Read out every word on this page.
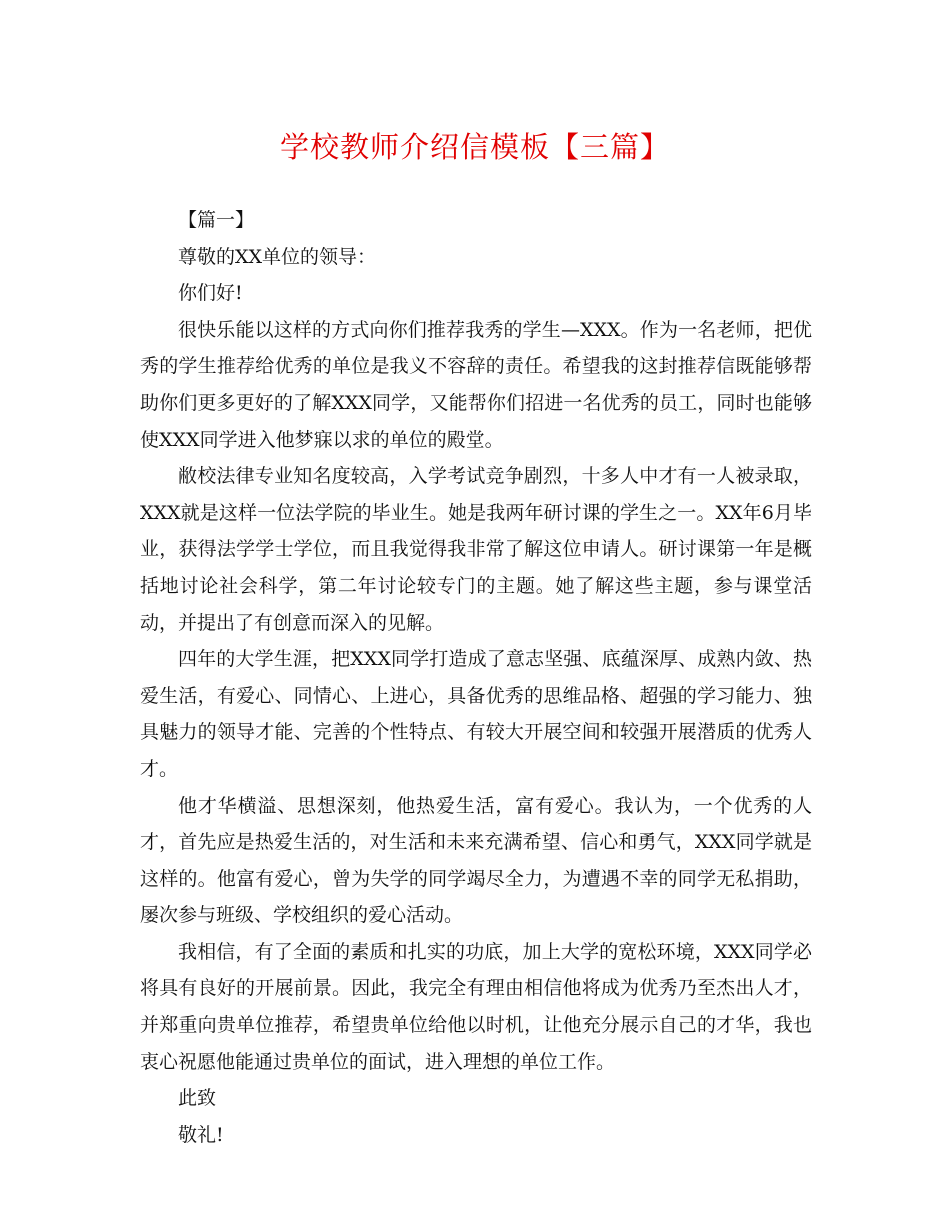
学校教师介绍信模板【三篇】

【篇一】

尊敬的XX单位的领导：

你们好!

很快乐能以这样的方式向你们推荐我秀的学生—XXX。作为一名老师，把优秀的学生推荐给优秀的单位是我义不容辞的责任。希望我的这封推荐信既能够帮助你们更多更好的了解XXX同学，又能帮你们招进一名优秀的员工，同时也能够使XXX同学进入他梦寐以求的单位的殿堂。

敝校法律专业知名度较高，入学考试竞争剧烈，十多人中才有一人被录取，XXX就是这样一位法学院的毕业生。她是我两年研讨课的学生之一。XX年6月毕业，获得法学学士学位，而且我觉得我非常了解这位申请人。研讨课第一年是概括地讨论社会科学，第二年讨论较专门的主题。她了解这些主题，参与课堂活动，并提出了有创意而深入的见解。

四年的大学生涯，把XXX同学打造成了意志坚强、底蕴深厚、成熟内敛、热爱生活，有爱心、同情心、上进心，具备优秀的思维品格、超强的学习能力、独具魅力的领导才能、完善的个性特点、有较大开展空间和较强开展潜质的优秀人才。

他才华横溢、思想深刻，他热爱生活，富有爱心。我认为，一个优秀的人才，首先应是热爱生活的，对生活和未来充满希望、信心和勇气，XXX同学就是这样的。他富有爱心，曾为失学的同学竭尽全力，为遭遇不幸的同学无私捐助，屡次参与班级、学校组织的爱心活动。

我相信，有了全面的素质和扎实的功底，加上大学的宽松环境，XXX同学必将具有良好的开展前景。因此，我完全有理由相信他将成为优秀乃至杰出人才，并郑重向贵单位推荐，希望贵单位给他以时机，让他充分展示自己的才华，我也衷心祝愿他能通过贵单位的面试，进入理想的单位工作。

此致

敬礼!
